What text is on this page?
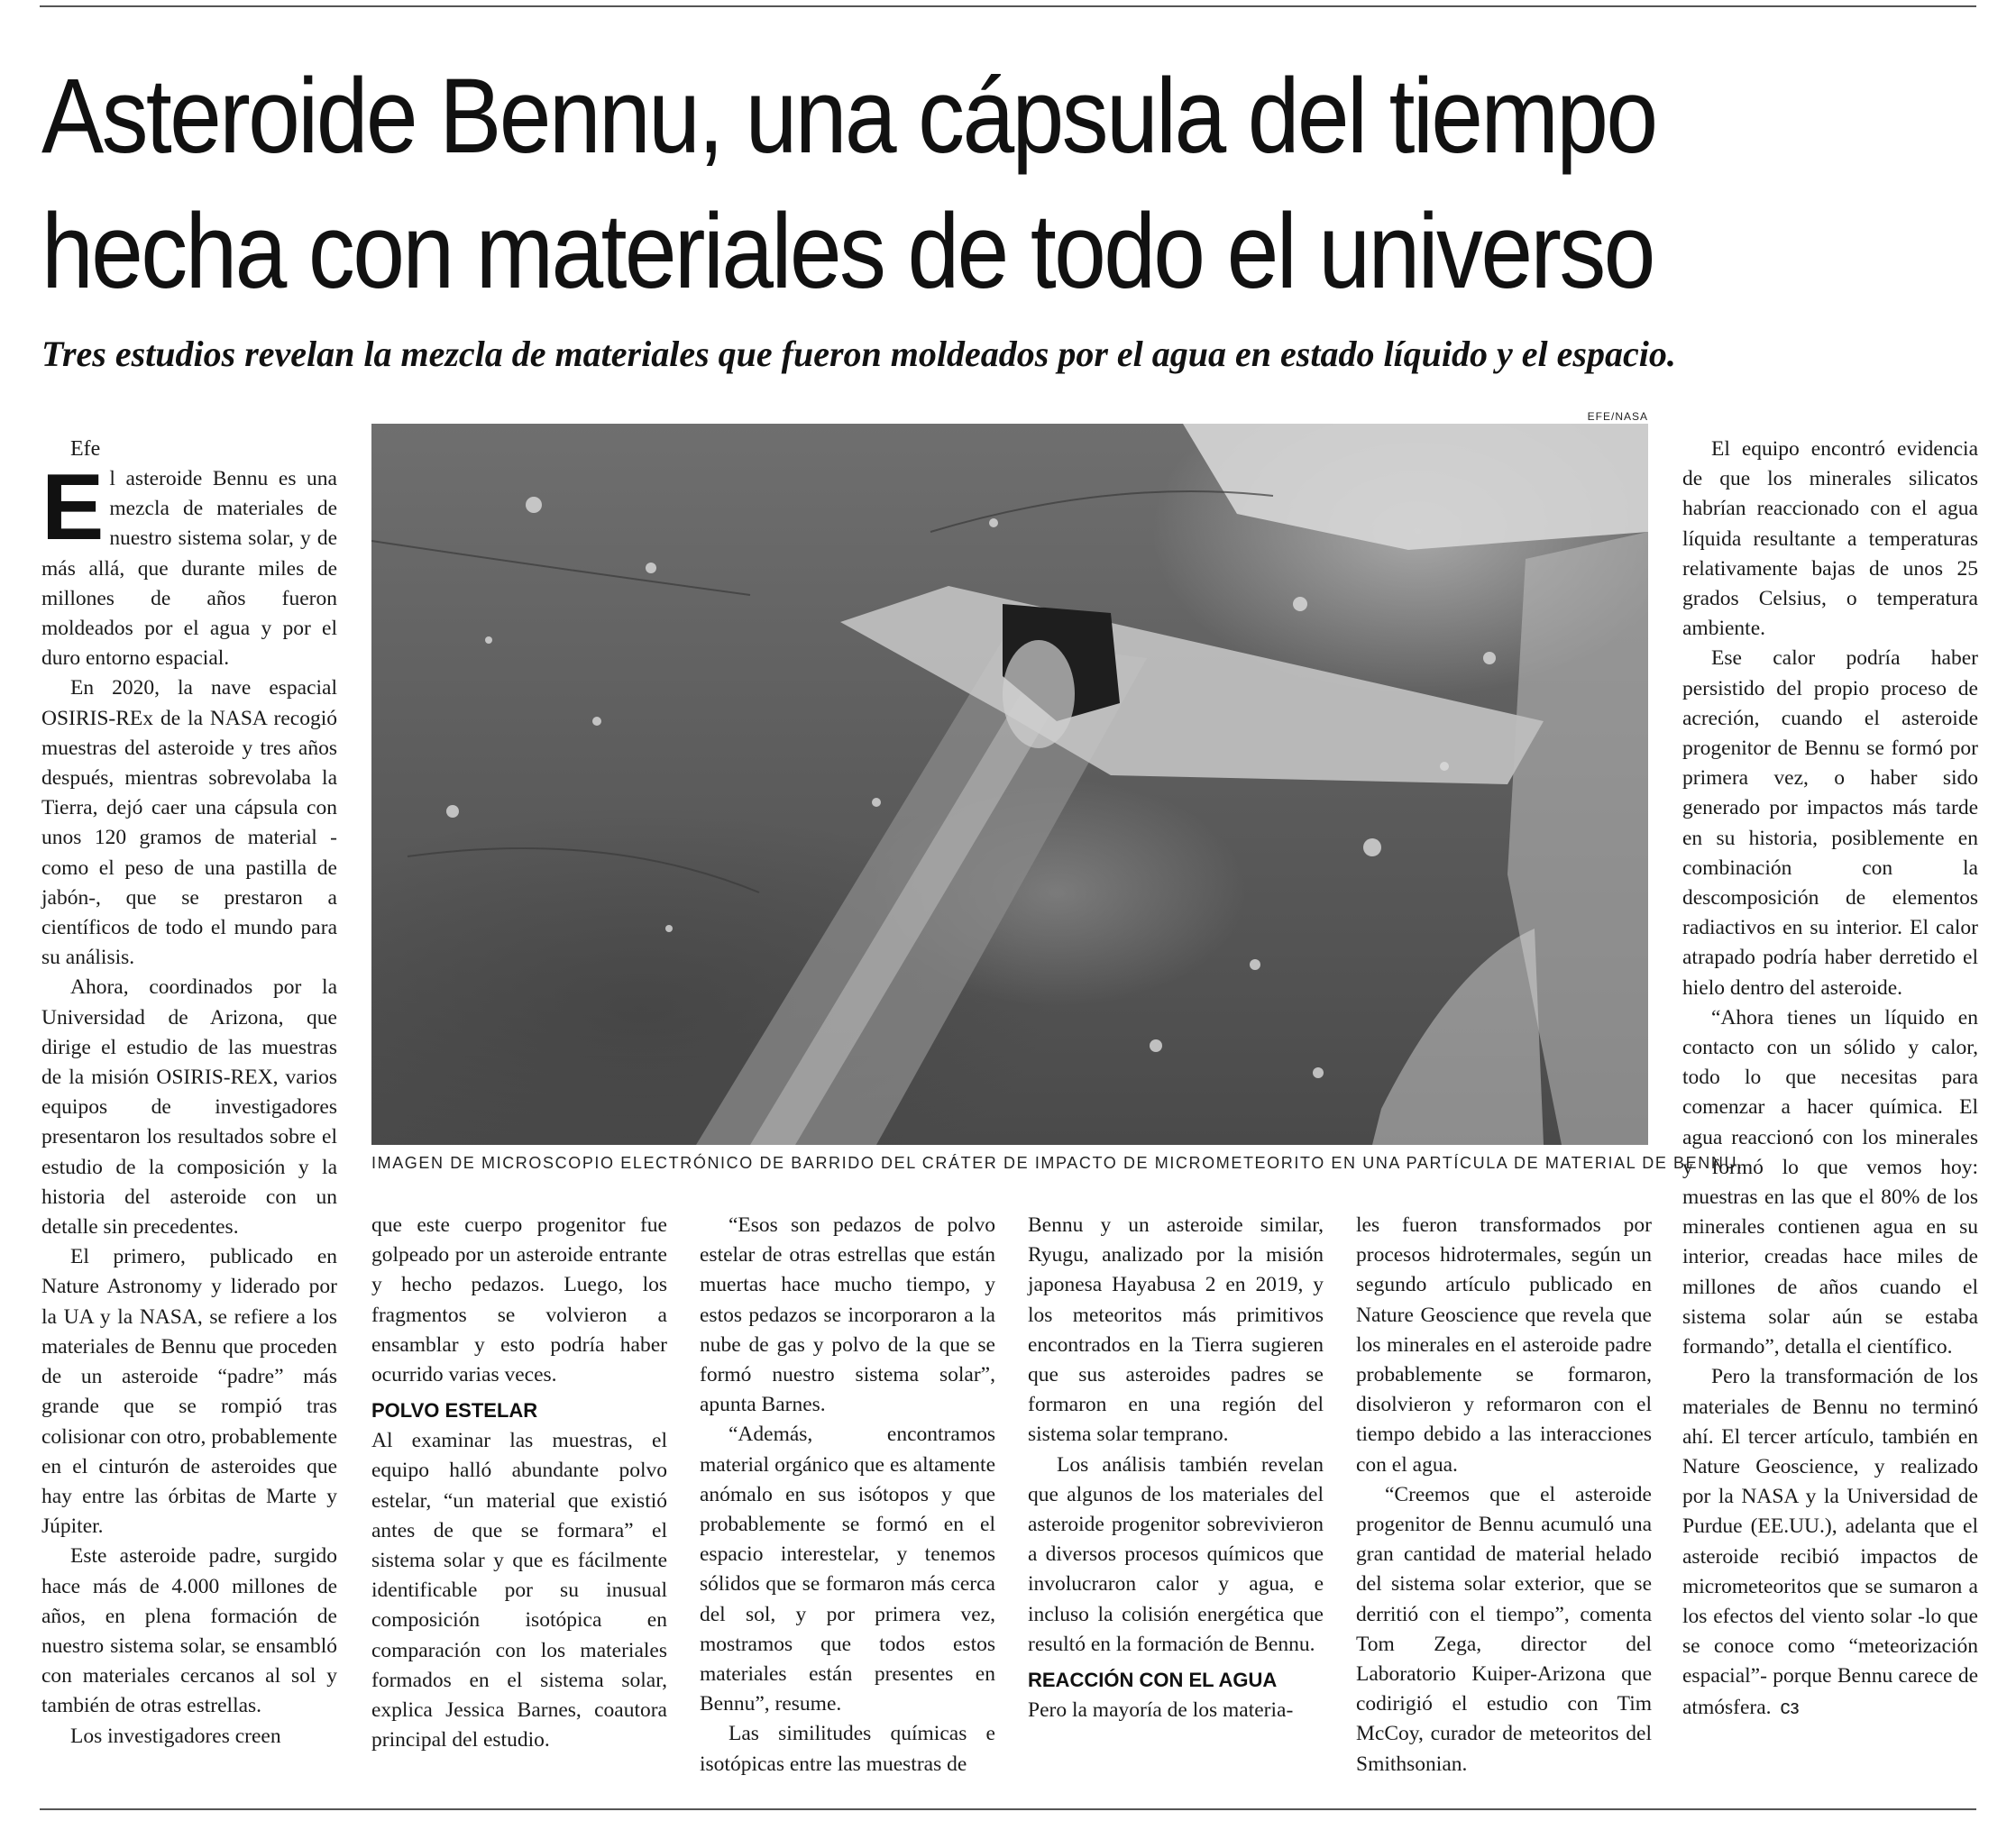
Asteroide Bennu, una cápsula del tiempo
hecha con materiales de todo el universo

Tres estudios revelan la mezcla de materiales que fueron moldeados por el agua en estado líquido y el espacio.

Efe

El asteroide Bennu es una mezcla de materiales de nuestro sistema solar, y de más allá, que durante miles de millones de años fueron moldeados por el agua y por el duro entorno espacial.

En 2020, la nave espacial OSIRIS-REx de la NASA recogió muestras del asteroide y tres años después, mientras sobrevolaba la Tierra, dejó caer una cápsula con unos 120 gramos de material -como el peso de una pastilla de jabón-, que se prestaron a científicos de todo el mundo para su análisis.

Ahora, coordinados por la Universidad de Arizona, que dirige el estudio de las muestras de la misión OSIRIS-REX, varios equipos de investigadores presentaron los resultados sobre el estudio de la composición y la historia del asteroide con un detalle sin precedentes.

El primero, publicado en Nature Astronomy y liderado por la UA y la NASA, se refiere a los materiales de Bennu que proceden de un asteroide “padre” más grande que se rompió tras colisionar con otro, probablemente en el cinturón de asteroides que hay entre las órbitas de Marte y Júpiter.

Este asteroide padre, surgido hace más de 4.000 millones de años, en plena formación de nuestro sistema solar, se ensambló con materiales cercanos al sol y también de otras estrellas.

Los investigadores creen

EFE/NASA
IMAGEN DE MICROSCOPIO ELECTRÓNICO DE BARRIDO DEL CRÁTER DE IMPACTO DE MICROMETEORITO EN UNA PARTÍCULA DE MATERIAL DE BENNU.

que este cuerpo progenitor fue golpeado por un asteroide entrante y hecho pedazos. Luego, los fragmentos se volvieron a ensamblar y esto podría haber ocurrido varias veces.

POLVO ESTELAR

Al examinar las muestras, el equipo halló abundante polvo estelar, “un material que existió antes de que se formara” el sistema solar y que es fácilmente identificable por su inusual composición isotópica en comparación con los materiales formados en el sistema solar, explica Jessica Barnes, coautora principal del estudio.

“Esos son pedazos de polvo estelar de otras estrellas que están muertas hace mucho tiempo, y estos pedazos se incorporaron a la nube de gas y polvo de la que se formó nuestro sistema solar”, apunta Barnes.

“Además, encontramos material orgánico que es altamente anómalo en sus isótopos y que probablemente se formó en el espacio interestelar, y tenemos sólidos que se formaron más cerca del sol, y por primera vez, mostramos que todos estos materiales están presentes en Bennu”, resume.

Las similitudes químicas e isotópicas entre las muestras de

Bennu y un asteroide similar, Ryugu, analizado por la misión japonesa Hayabusa 2 en 2019, y los meteoritos más primitivos encontrados en la Tierra sugieren que sus asteroides padres se formaron en una región del sistema solar temprano.

Los análisis también revelan que algunos de los materiales del asteroide progenitor sobrevivieron a diversos procesos químicos que involucraron calor y agua, e incluso la colisión energética que resultó en la formación de Bennu.

REACCIÓN CON EL AGUA

Pero la mayoría de los materia-

les fueron transformados por procesos hidrotermales, según un segundo artículo publicado en Nature Geoscience que revela que los minerales en el asteroide padre probablemente se formaron, disolvieron y reformaron con el tiempo debido a las interacciones con el agua.

“Creemos que el asteroide progenitor de Bennu acumuló una gran cantidad de material helado del sistema solar exterior, que se derritió con el tiempo”, comenta Tom Zega, director del Laboratorio Kuiper-Arizona que codirigió el estudio con Tim McCoy, curador de meteoritos del Smithsonian.

El equipo encontró evidencia de que los minerales silicatos habrían reaccionado con el agua líquida resultante a temperaturas relativamente bajas de unos 25 grados Celsius, o temperatura ambiente.

Ese calor podría haber persistido del propio proceso de acreción, cuando el asteroide progenitor de Bennu se formó por primera vez, o haber sido generado por impactos más tarde en su historia, posiblemente en combinación con la descomposición de elementos radiactivos en su interior. El calor atrapado podría haber derretido el hielo dentro del asteroide.

“Ahora tienes un líquido en contacto con un sólido y calor, todo lo que necesitas para comenzar a hacer química. El agua reaccionó con los minerales y formó lo que vemos hoy: muestras en las que el 80% de los minerales contienen agua en su interior, creadas hace miles de millones de años cuando el sistema solar aún se estaba formando”, detalla el científico.

Pero la transformación de los materiales de Bennu no terminó ahí. El tercer artículo, también en Nature Geoscience, y realizado por la NASA y la Universidad de Purdue (EE.UU.), adelanta que el asteroide recibió impactos de micrometeoritos que se sumaron a los efectos del viento solar -lo que se conoce como “meteorización espacial”- porque Bennu carece de atmósfera. cз
